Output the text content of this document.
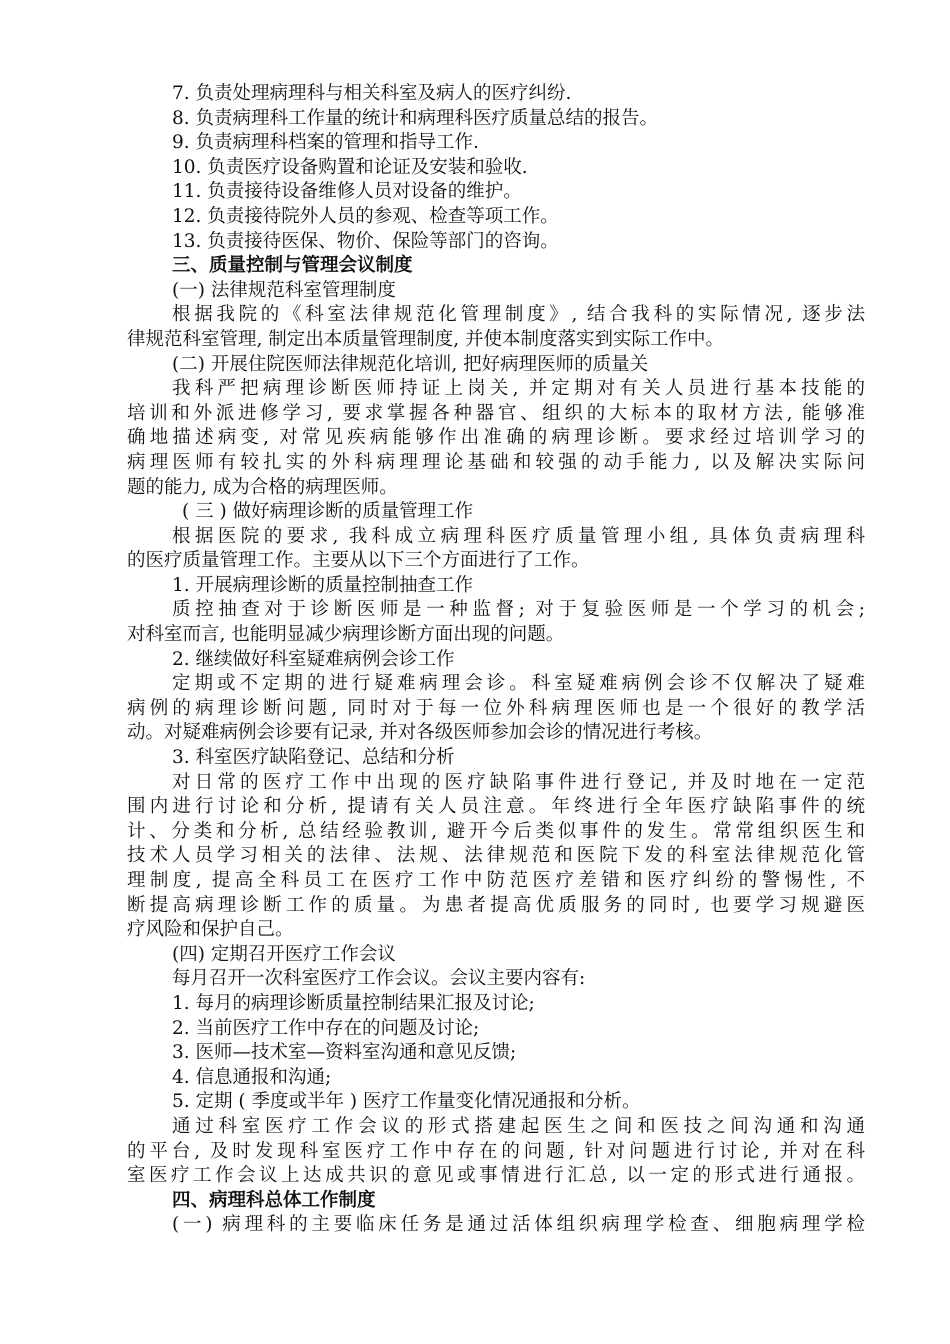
7. 负责处理病理科与相关科室及病人的医疗纠纷.
8. 负责病理科工作量的统计和病理科医疗质量总结的报告。
9. 负责病理科档案的管理和指导工作.
10. 负责医疗设备购置和论证及安装和验收.
11. 负责接待设备维修人员对设备的维护。
12. 负责接待院外人员的参观、检查等项工作。
13. 负责接待医保、物价、保险等部门的咨询。
三、质量控制与管理会议制度
(一) 法律规范科室管理制度
根据我院的《科室法律规范化管理制度》, 结合我科的实际情况, 逐步法
律规范科室管理, 制定出本质量管理制度, 并使本制度落实到实际工作中。
(二) 开展住院医师法律规范化培训, 把好病理医师的质量关
我科严把病理诊断医师持证上岗关, 并定期对有关人员进行基本技能的
培训和外派进修学习, 要求掌握各种器官、组织的大标本的取材方法, 能够准
确地描述病变, 对常见疾病能够作出准确的病理诊断。要求经过培训学习的
病理医师有较扎实的外科病理理论基础和较强的动手能力, 以及解决实际问
题的能力, 成为合格的病理医师。
( 三 ) 做好病理诊断的质量管理工作
根据医院的要求, 我科成立病理科医疗质量管理小组, 具体负责病理科
的医疗质量管理工作。主要从以下三个方面进行了工作。
1. 开展病理诊断的质量控制抽查工作
质控抽查对于诊断医师是一种监督; 对于复验医师是一个学习的机会;
对科室而言, 也能明显减少病理诊断方面出现的问题。
2. 继续做好科室疑难病例会诊工作
定期或不定期的进行疑难病理会诊。科室疑难病例会诊不仅解决了疑难
病例的病理诊断问题, 同时对于每一位外科病理医师也是一个很好的教学活
动。对疑难病例会诊要有记录, 并对各级医师参加会诊的情况进行考核。
3. 科室医疗缺陷登记、总结和分析
对日常的医疗工作中出现的医疗缺陷事件进行登记, 并及时地在一定范
围内进行讨论和分析, 提请有关人员注意。年终进行全年医疗缺陷事件的统
计、分类和分析, 总结经验教训, 避开今后类似事件的发生。常常组织医生和
技术人员学习相关的法律、法规、法律规范和医院下发的科室法律规范化管
理制度, 提高全科员工在医疗工作中防范医疗差错和医疗纠纷的警惕性, 不
断提高病理诊断工作的质量。为患者提高优质服务的同时, 也要学习规避医
疗风险和保护自己。
(四) 定期召开医疗工作会议
每月召开一次科室医疗工作会议。会议主要内容有:
1. 每月的病理诊断质量控制结果汇报及讨论;
2. 当前医疗工作中存在的问题及讨论;
3. 医师—技术室—资料室沟通和意见反馈;
4. 信息通报和沟通;
5. 定期 ( 季度或半年 ) 医疗工作量变化情况通报和分析。
通过科室医疗工作会议的形式搭建起医生之间和医技之间沟通和沟通
的平台, 及时发现科室医疗工作中存在的问题, 针对问题进行讨论, 并对在科
室医疗工作会议上达成共识的意见或事情进行汇总, 以一定的形式进行通报。
四、病理科总体工作制度
(一) 病理科的主要临床任务是通过活体组织病理学检查、细胞病理学检
